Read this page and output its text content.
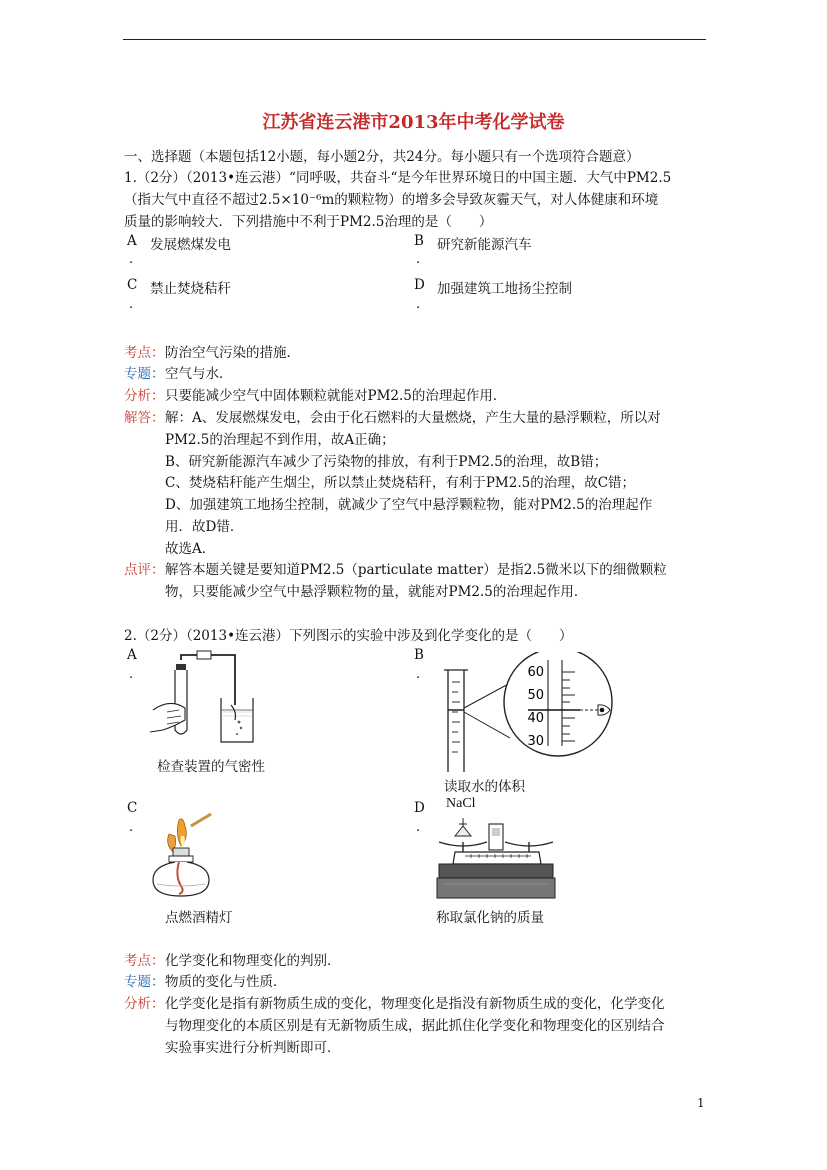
江苏省连云港市2013年中考化学试卷
一、选择题（本题包括12小题，每小题2分，共24分。每小题只有一个选项符合题意）
1.（2分）（2013•连云港）“同呼吸，共奋斗“是今年世界环境日的中国主题．大气中PM2.5
（指大气中直径不超过2.5×10⁻⁶m的颗粒物）的增多会导致灰霾天气，对人体健康和环境
质量的影响较大．下列措施中不利于PM2.5治理的是（　　）
A 发展燃煤发电
.
B 研究新能源汽车
.
C 禁止焚烧秸秆
.
D 加强建筑工地扬尘控制
.
考点： 防治空气污染的措施．
专题： 空气与水．
分析： 只要能减少空气中固体颗粒就能对PM2.5的治理起作用．
解答： 解：A、发展燃煤发电，会由于化石燃料的大量燃烧，产生大量的悬浮颗粒，所以对
PM2.5的治理起不到作用，故A正确；
B、研究新能源汽车减少了污染物的排放，有利于PM2.5的治理，故B错；
C、焚烧秸秆能产生烟尘，所以禁止焚烧秸秆，有利于PM2.5的治理，故C错；
D、加强建筑工地扬尘控制，就减少了空气中悬浮颗粒物，能对PM2.5的治理起作
用．故D错．
故选A．
点评： 解答本题关键是要知道PM2.5（particulate matter）是指2.5微米以下的细微颗粒
物，只要能减少空气中悬浮颗粒物的量，就能对PM2.5的治理起作用．
2.（2分）（2013•连云港）下列图示的实验中涉及到化学变化的是（　　）
A
.
检查装置的气密性
B
.	60
50
40
30
读取水的体积
C
.
点燃酒精灯
D
.
NaCl
称取氯化钠的质量
考点： 化学变化和物理变化的判别．
专题： 物质的变化与性质．
分析： 化学变化是指有新物质生成的变化，物理变化是指没有新物质生成的变化，化学变化
与物理变化的本质区别是有无新物质生成，据此抓住化学变化和物理变化的区别结合
实验事实进行分析判断即可．
1
